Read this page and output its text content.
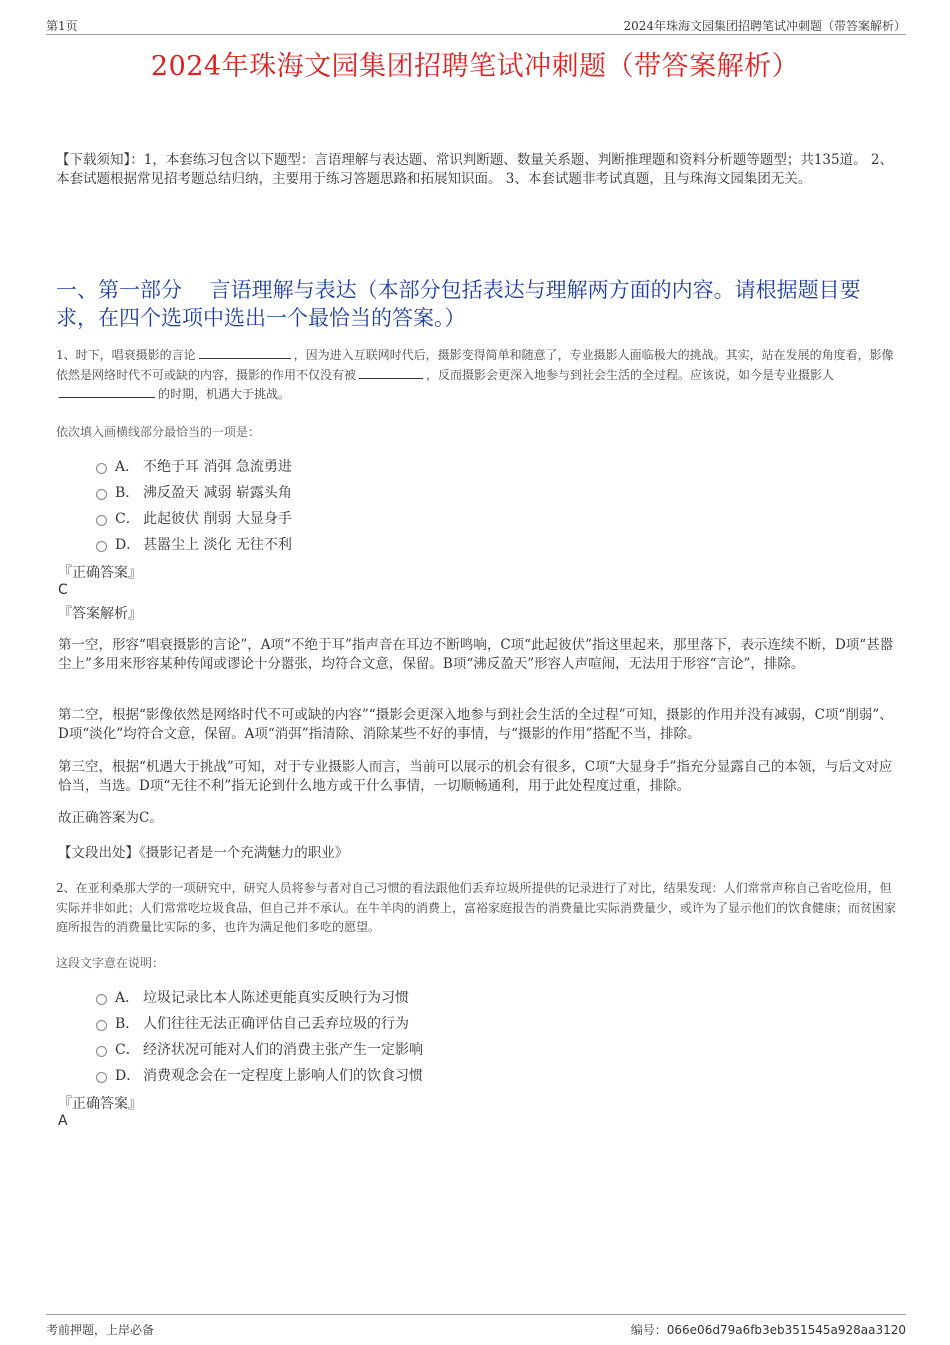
第1页	2024年珠海文园集团招聘笔试冲刺题（带答案解析）
2024年珠海文园集团招聘笔试冲刺题（带答案解析）
【下载须知】：1，本套练习包含以下题型：言语理解与表达题、常识判断题、数量关系题、判断推理题和资料分析题等题型；共135道。 2、本套试题根据常见招考题总结归纳，主要用于练习答题思路和拓展知识面。 3、本套试题非考试真题，且与珠海文园集团无关。
一、第一部分　 言语理解与表达（本部分包括表达与理解两方面的内容。请根据题目要求，在四个选项中选出一个最恰当的答案。）
1、时下，唱衰摄影的言论	，因为进入互联网时代后，摄影变得简单和随意了，专业摄影人面临极大的挑战。其实，站在发展的角度看，影像依然是网络时代不可或缺的内容，摄影的作用不仅没有被	，反而摄影会更深入地参与到社会生活的全过程。应该说，如今是专业摄影人的时期，机遇大于挑战。
依次填入画横线部分最恰当的一项是：
A． 不绝于耳 消弭 急流勇进
B． 沸反盈天 减弱 崭露头角
C． 此起彼伏 削弱 大显身手
D． 甚嚣尘上 淡化 无往不利
『正确答案』
C
『答案解析』
第一空，形容“唱衰摄影的言论”，A项“不绝于耳”指声音在耳边不断鸣响，C项“此起彼伏”指这里起来，那里落下，表示连续不断，D项“甚嚣尘上”多用来形容某种传闻或谬论十分嚣张，均符合文意，保留。B项“沸反盈天”形容人声喧闹，无法用于形容“言论”，排除。
第二空，根据“影像依然是网络时代不可或缺的内容”“摄影会更深入地参与到社会生活的全过程”可知，摄影的作用并没有减弱，C项“削弱”、D项“淡化”均符合文意，保留。A项“消弭”指清除、消除某些不好的事情，与“摄影的作用”搭配不当，排除。
第三空，根据“机遇大于挑战”可知，对于专业摄影人而言，当前可以展示的机会有很多，C项“大显身手”指充分显露自己的本领，与后文对应恰当，当选。D项“无往不利”指无论到什么地方或干什么事情，一切顺畅通利，用于此处程度过重，排除。
故正确答案为C。
【文段出处】《摄影记者是一个充满魅力的职业》
2、在亚利桑那大学的一项研究中，研究人员将参与者对自己习惯的看法跟他们丢弃垃圾所提供的记录进行了对比，结果发现：人们常常声称自己省吃俭用，但实际并非如此；人们常常吃垃圾食品，但自己并不承认。在牛羊肉的消费上，富裕家庭报告的消费量比实际消费量少，或许为了显示他们的饮食健康；而贫困家庭所报告的消费量比实际的多，也许为满足他们多吃的愿望。
这段文字意在说明：
A． 垃圾记录比本人陈述更能真实反映行为习惯
B． 人们往往无法正确评估自己丢弃垃圾的行为
C． 经济状况可能对人们的消费主张产生一定影响
D． 消费观念会在一定程度上影响人们的饮食习惯
『正确答案』
A
考前押题，上岸必备	编号：066e06d79a6fb3eb351545a928aa3120
